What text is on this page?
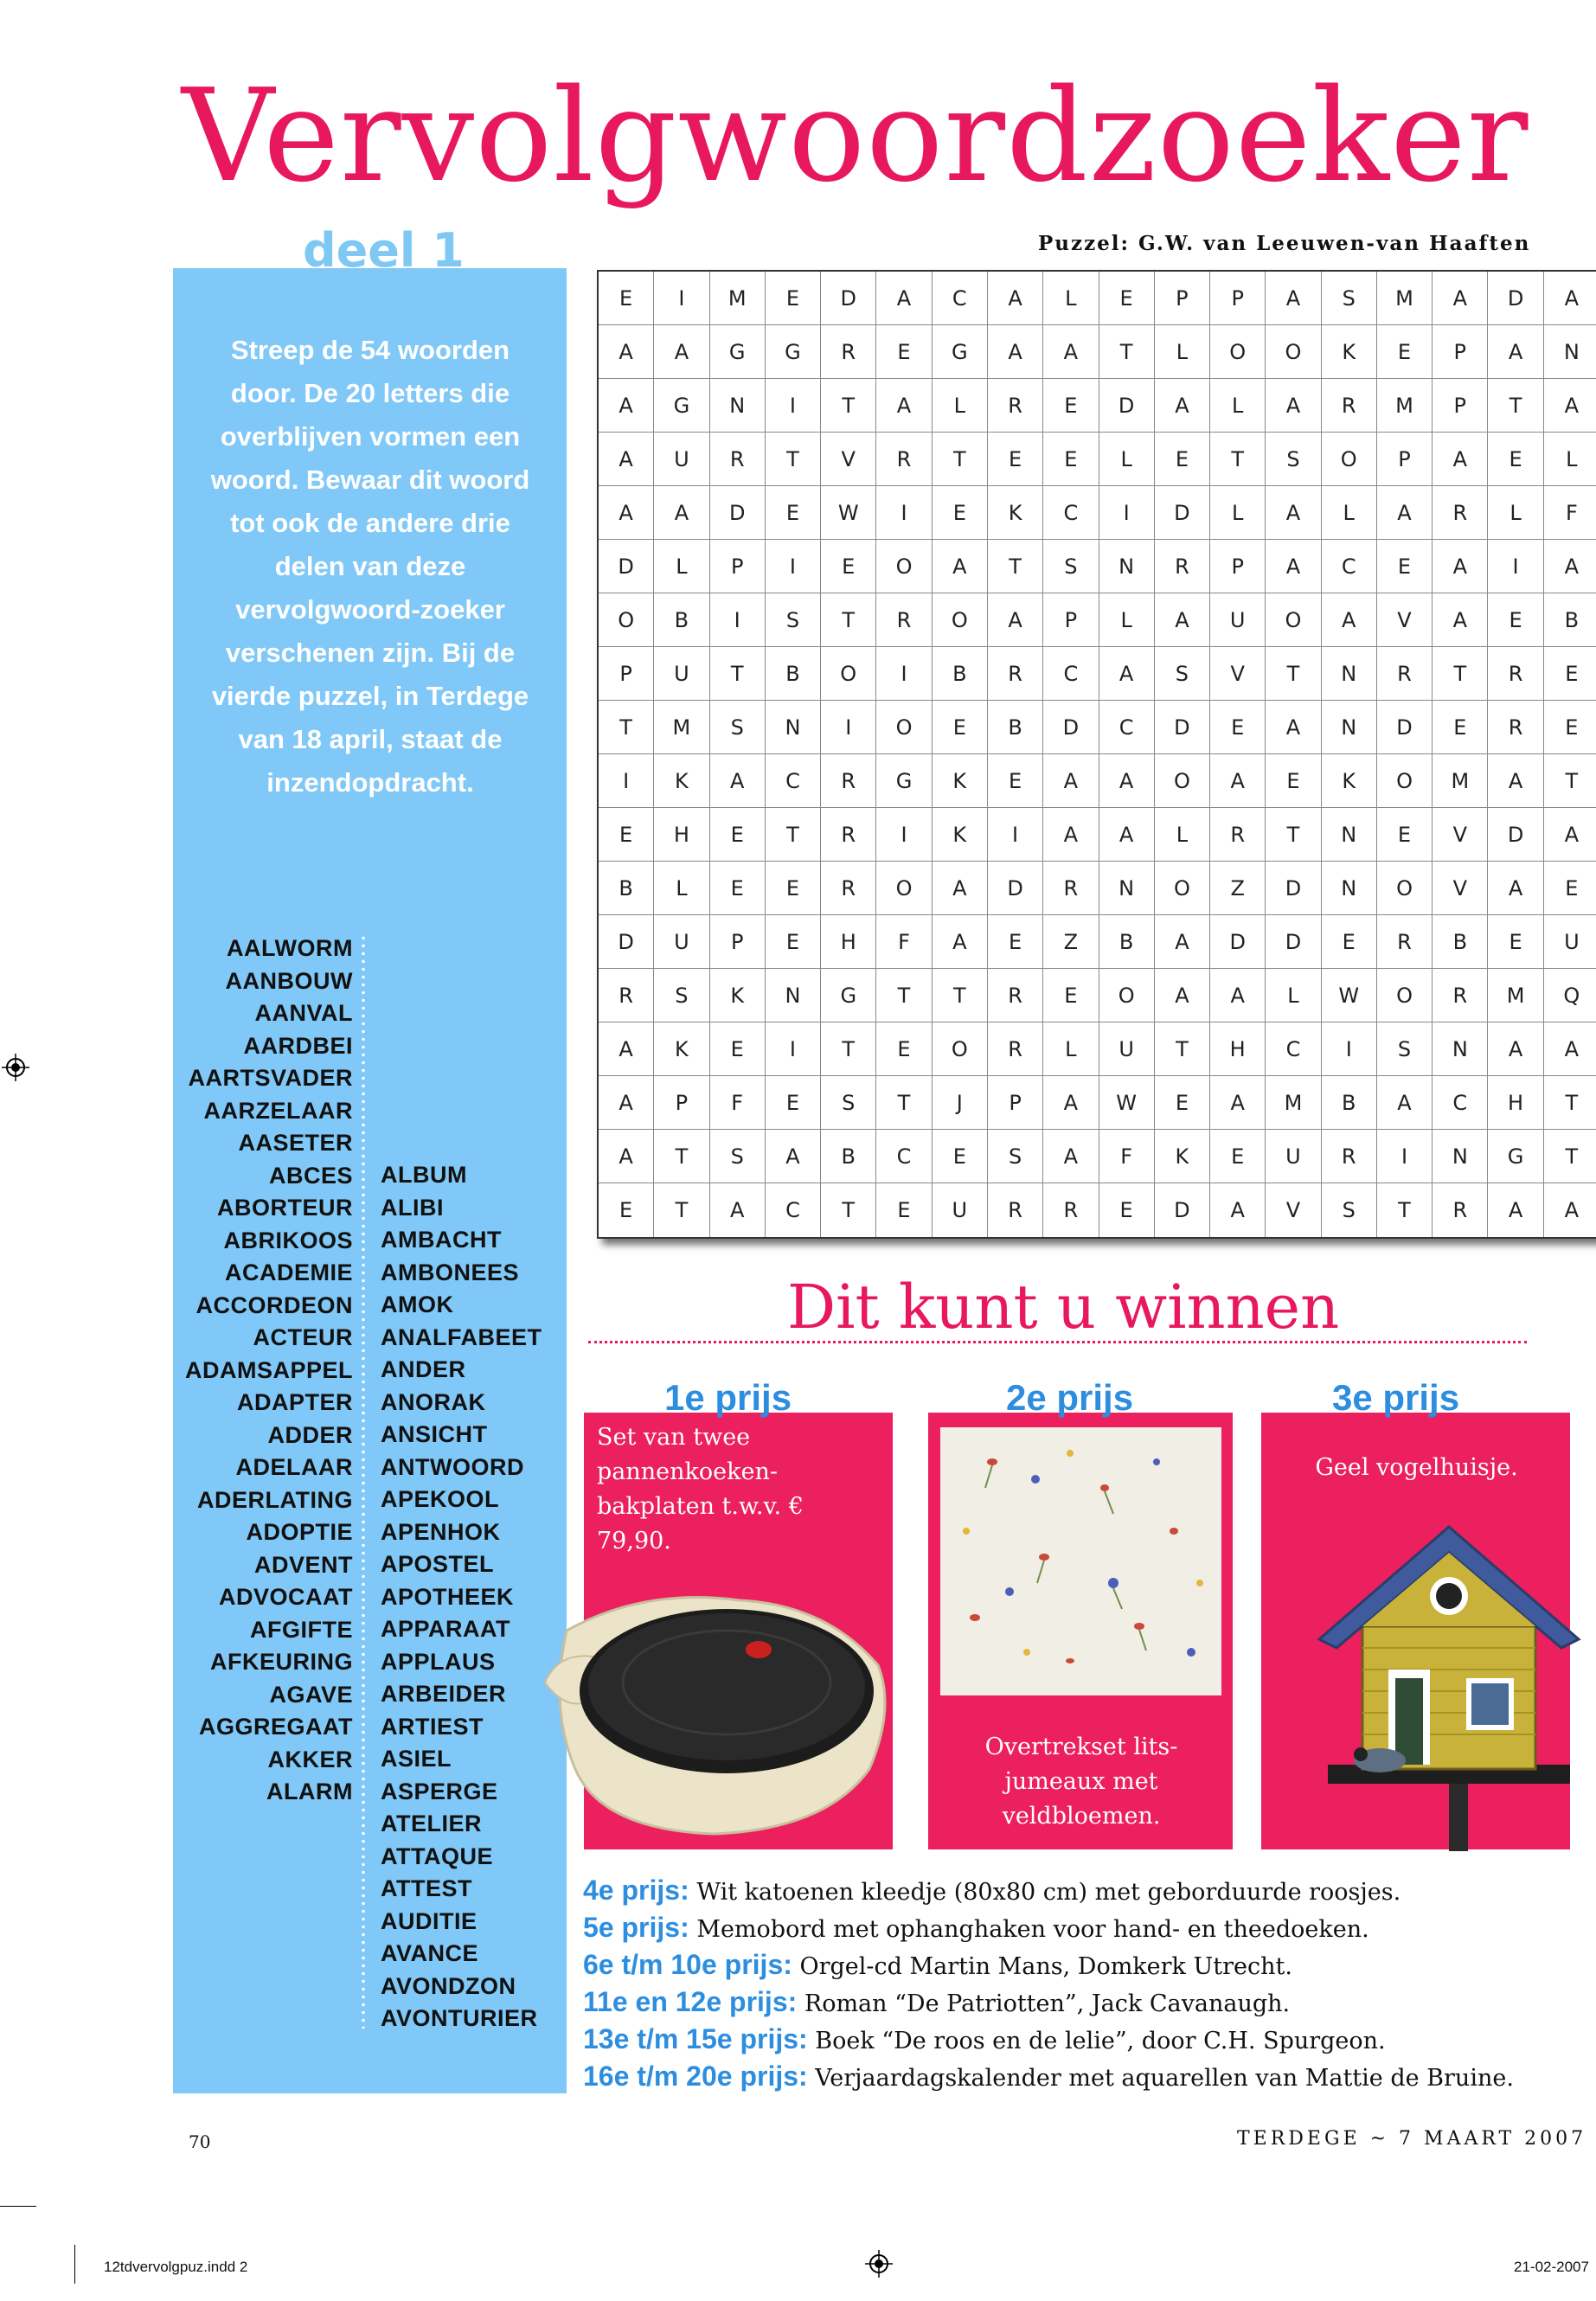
Vervolgwoordzoeker
deel 1	Puzzel: G.W. van Leeuwen-van Haaften
Streep de 54 woorden door. De 20 letters die overblijven vormen een woord. Bewaar dit woord tot ook de andere drie delen van deze vervolgwoord-zoeker verschenen zijn. Bij de vierde puzzel, in Terdege van 18 april, staat de inzendopdracht.
AALWORM
AANBOUW
AANVAL
AARDBEI
AARTSVADER
AARZELAAR
AASETER
ABCES
ABORTEUR
ABRIKOOS
ACADEMIE
ACCORDEON
ACTEUR
ADAMSAPPEL
ADAPTER
ADDER
ADELAAR
ADERLATING
ADOPTIE
ADVENT
ADVOCAAT
AFGIFTE
AFKEURING
AGAVE
AGGREGAAT
AKKER
ALARM
ALBUM
ALIBI
AMBACHT
AMBONEES
AMOK
ANALFABEET
ANDER
ANORAK
ANSICHT
ANTWOORD
APEKOOL
APENHOK
APOSTEL
APOTHEEK
APPARAAT
APPLAUS
ARBEIDER
ARTIEST
ASIEL
ASPERGE
ATELIER
ATTAQUE
ATTEST
AUDITIE
AVANCE
AVONDZON
AVONTURIER
E	I	M	E	D	A	C	A	L	E	P	P	A	S	M	A	D	A
A	A	G	G	R	E	G	A	A	T	L	O	O	K	E	P	A	N
A	G	N	I	T	A	L	R	E	D	A	L	A	R	M	P	T	A
A	U	R	T	V	R	T	E	E	L	E	T	S	O	P	A	E	L
A	A	D	E	W	I	E	K	C	I	D	L	A	L	A	R	L	F
D	L	P	I	E	O	A	T	S	N	R	P	A	C	E	A	I	A
O	B	I	S	T	R	O	A	P	L	A	U	O	A	V	A	E	B
P	U	T	B	O	I	B	R	C	A	S	V	T	N	R	T	R	E
T	M	S	N	I	O	E	B	D	C	D	E	A	N	D	E	R	E
I	K	A	C	R	G	K	E	A	A	O	A	E	K	O	M	A	T
E	H	E	T	R	I	K	I	A	A	L	R	T	N	E	V	D	A
B	L	E	E	R	O	A	D	R	N	O	Z	D	N	O	V	A	E
D	U	P	E	H	F	A	E	Z	B	A	D	D	E	R	B	E	U
R	S	K	N	G	T	T	R	E	O	A	A	L	W	O	R	M	Q
A	K	E	I	T	E	O	R	L	U	T	H	C	I	S	N	A	A
A	P	F	E	S	T	J	P	A	W	E	A	M	B	A	C	H	T
A	T	S	A	B	C	E	S	A	F	K	E	U	R	I	N	G	T
E	T	A	C	T	E	U	R	R	E	D	A	V	S	T	R	A	A
Dit kunt u winnen
1e prijs
Set van twee pannenkoeken-bakplaten t.w.v. € 79,90.
2e prijs
Overtrekset lits-jumeaux met veldbloemen.
3e prijs
Geel vogelhuisje.
4e prijs: Wit katoenen kleedje (80x80 cm) met geborduurde roosjes.
5e prijs: Memobord met ophanghaken voor hand- en theedoeken.
6e t/m 10e prijs: Orgel-cd Martin Mans, Domkerk Utrecht.
11e en 12e prijs: Roman “De Patriotten”, Jack Cavanaugh.
13e t/m 15e prijs: Boek “De roos en de lelie”, door C.H. Spurgeon.
16e t/m 20e prijs: Verjaardagskalender met aquarellen van Mattie de Bruine.
70	TERDEGE ~ 7 MAART 2007
12tdvervolgpuz.indd 2	21-02-2007
